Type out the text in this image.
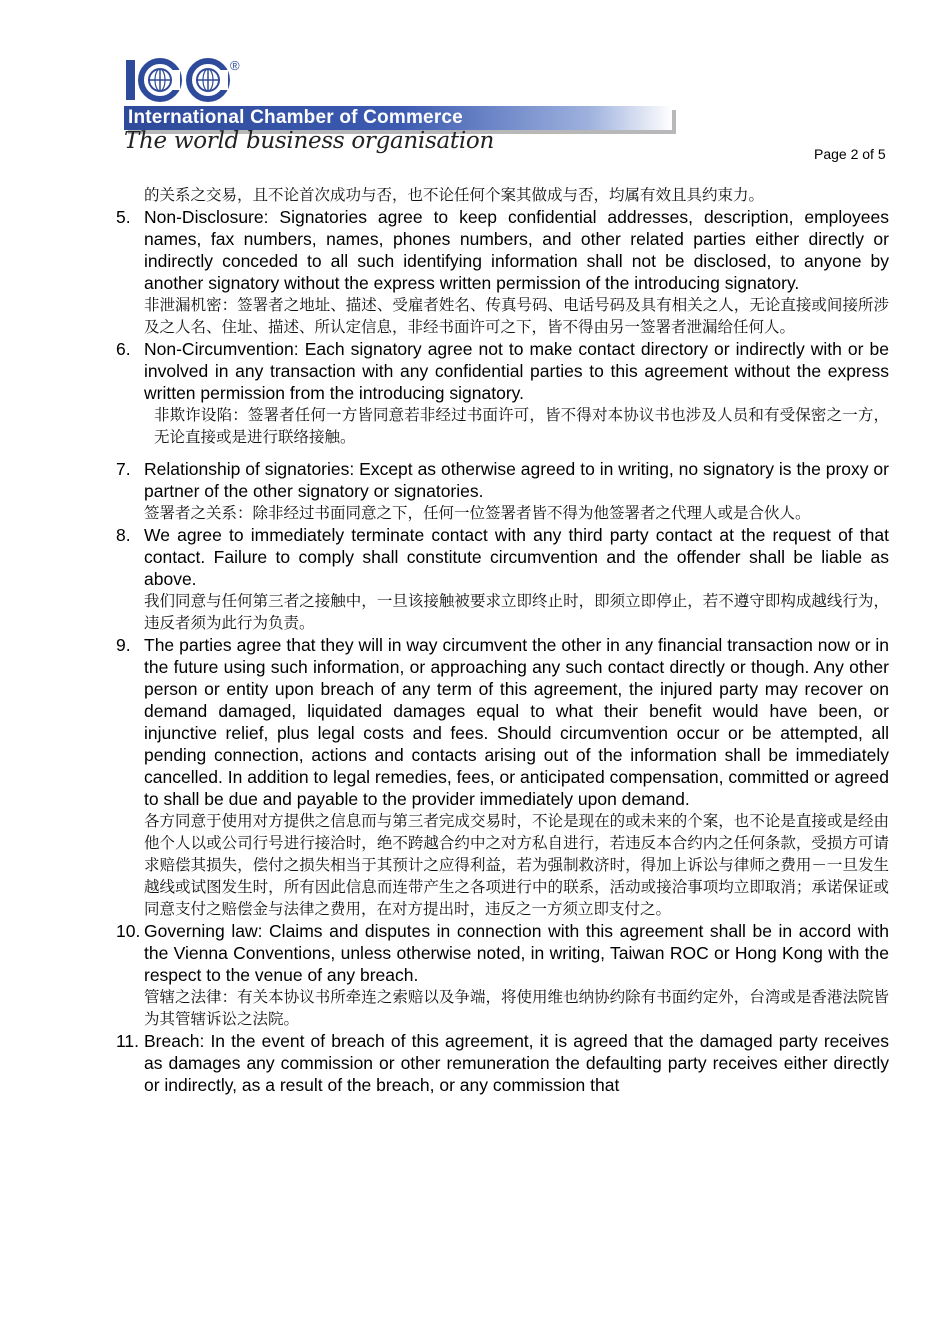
®
International Chamber of Commerce
The world business organisation	Page 2 of 5
的关系之交易，且不论首次成功与否，也不论任何个案其做成与否，均属有效且具约束力。
5. Non-Disclosure: Signatories agree to keep confidential addresses, description, employees names, fax numbers, names, phones numbers, and other related parties either directly or indirectly conceded to all such identifying information shall not be disclosed, to anyone by another signatory without the express written permission of the introducing signatory.
非泄漏机密：签署者之地址、描述、受雇者姓名、传真号码、电话号码及具有相关之人，无论直接或间接所涉及之人名、住址、描述、所认定信息，非经书面许可之下，皆不得由另一签署者泄漏给任何人。
6. Non-Circumvention: Each signatory agree not to make contact directory or indirectly with or be involved in any transaction with any confidential parties to this agreement without the express written permission from the introducing signatory.
非欺诈设陷：签署者任何一方皆同意若非经过书面许可，皆不得对本协议书也涉及人员和有受保密之一方，无论直接或是进行联络接触。
7. Relationship of signatories: Except as otherwise agreed to in writing, no signatory is the proxy or partner of the other signatory or signatories.
签署者之关系：除非经过书面同意之下，任何一位签署者皆不得为他签署者之代理人或是合伙人。
8. We agree to immediately terminate contact with any third party contact at the request of that contact. Failure to comply shall constitute circumvention and the offender shall be liable as above.
我们同意与任何第三者之接触中，一旦该接触被要求立即终止时，即须立即停止，若不遵守即构成越线行为，违反者须为此行为负责。
9. The parties agree that they will in way circumvent the other in any financial transaction now or in the future using such information, or approaching any such contact directly or though. Any other person or entity upon breach of any term of this agreement, the injured party may recover on demand damaged, liquidated damages equal to what their benefit would have been, or injunctive relief, plus legal costs and fees. Should circumvention occur or be attempted, all pending connection, actions and contacts arising out of the information shall be immediately cancelled. In addition to legal remedies, fees, or anticipated compensation, committed or agreed to shall be due and payable to the provider immediately upon demand.
各方同意于使用对方提供之信息而与第三者完成交易时，不论是现在的或未来的个案，也不论是直接或是经由他个人以或公司行号进行接洽时，绝不跨越合约中之对方私自进行，若违反本合约内之任何条款，受损方可请求赔偿其损失，偿付之损失相当于其预计之应得利益，若为强制救济时，得加上诉讼与律师之费用－一旦发生越线或试图发生时，所有因此信息而连带产生之各项进行中的联系，活动或接洽事项均立即取消；承诺保证或同意支付之赔偿金与法律之费用，在对方提出时，违反之一方须立即支付之。
10. Governing law: Claims and disputes in connection with this agreement shall be in accord with the Vienna Conventions, unless otherwise noted, in writing, Taiwan ROC or Hong Kong with the respect to the venue of any breach.
管辖之法律：有关本协议书所牵连之索赔以及争端，将使用维也纳协约除有书面约定外，台湾或是香港法院皆为其管辖诉讼之法院。
11. Breach: In the event of breach of this agreement, it is agreed that the damaged party receives as damages any commission or other remuneration the defaulting party receives either directly or indirectly, as a result of the breach, or any commission that
